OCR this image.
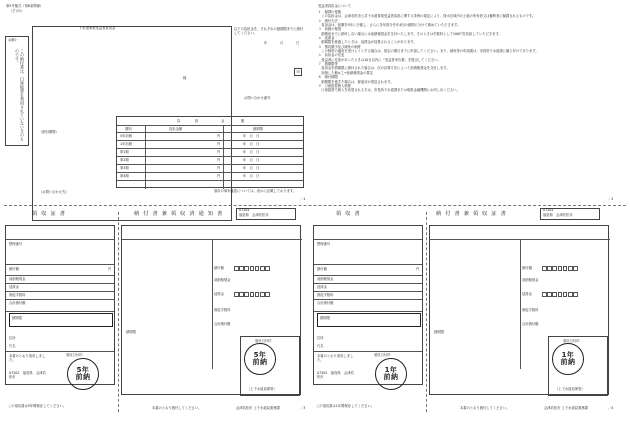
第5号様式（第6条関係）
（その1）
お願い
この納付書は、口座振替を利用されていない方のものです。
下水道事業受益者負担金
様
（納付期間）
（お問い合わせ先）
以下の負担金を、それぞれの納期限までに納付してください。
年	月	日
印
お問い合わせ番号
負	担	金	額
期別	負担金額	納期限
5年前納	円	年　月　日
1年前納	円	年　月　日
第1期	円	年　月　日
第2期	円	年　月　日
第3期	円	年　月　日
第4期	円	年　月　日
領収の事実確認については、表示に記載しております。
／1
受益者負担金について

１　賦課の根拠

　この負担金は、会津若松市公共下水道事業受益者負担に関する条例の規定により、排水区域内の土地の所有者又は権利者に賦課されるものです。

２　納付方法

　負担金は、総額を5年に分割し、さらに各年度分を年4回の納期に分けて納めていただきます。

３　前納の報奨

　納期前までに納付しない場合には前納報奨金を交付いたします。そのときは手数料として100円を負担していただきます。

４　延滞金

　納期限を経過したときは、延滞金が加算されることがあります。

５　徴収猶予及び減免の制度

　この制度の適用を受けようとする場合は、指定の期日までに申請してください。また、減免等の申請書は、市役所下水道課に備え付けてあります。

６　負担金の変更

　受益者に変更があったときは10日以内に「受益者申告書」を提出してください。

７　納期限等

　負担金を納期限に納付された場合は、次の計算方法によって前納報奨金を交付します。

　前納した額×之→前納報奨金の算定

８　納付期限

　納期限を過ぎた場合は、督促状が発送されます。

９　口座振替納入制度

　口座振替で納入を希望される方は、市役所下水道課または取扱金融機関にお申し出ください。

／2
領 収 証 書	納 付 書 兼 領 収 済 通 知 書
07202
福島県　会津若松市
整理番号
納付額	円
前納報奨金
延滞金
督促手数料
合計納付額
納期限
住所
氏名
本書のとおり領収しました。
領収日付印
07202　福島県　会津若松市
5年
前納
この領収書は5年間保存してください。
納付額
前納報奨金
延滞金
督促手数料
合計納付額
納期限
領収日付印
（上下水道局保管）
5年
前納
本書のとおり納付してください。	会津若松市 上下水道局業務課	／3
領 収 書	納 付 書 兼 領 収 証 書
07202
福島県　会津若松市
整理番号
納付額	円
前納報奨金
延滞金
督促手数料
合計納付額
納期限
住所
氏名
本書のとおり領収しました。
領収日付印
07202　福島県　会津若松市
1年
前納
この領収書は1年間保存してください。
納付額
前納報奨金
延滞金
督促手数料
合計納付額
納期限
領収日付印
（上下水道局保管）
1年
前納
本書のとおり納付してください。	会津若松市 上下水道局業務課	／4
